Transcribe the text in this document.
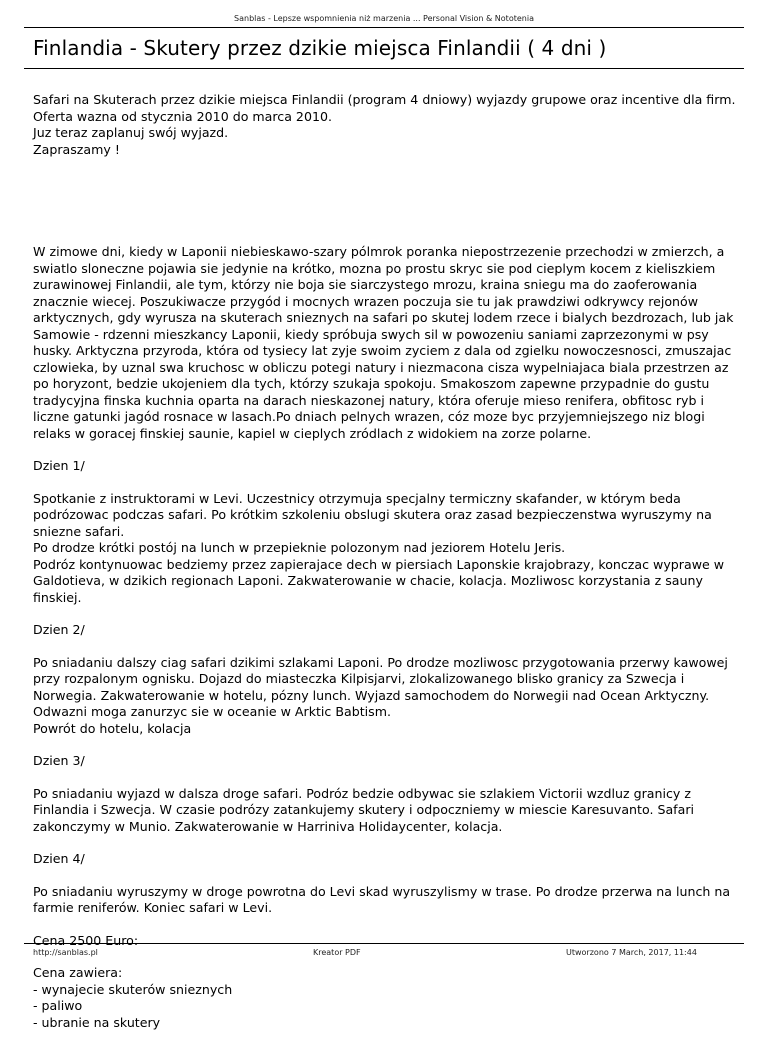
Sanblas - Lepsze wspomnienia niż marzenia ... Personal Vision & Nototenia
Finlandia - Skutery przez dzikie miejsca Finlandii ( 4 dni )

Safari na Skuterach przez dzikie miejsca Finlandii (program 4 dniowy) wyjazdy grupowe oraz incentive dla firm.
Oferta wazna od stycznia 2010 do marca 2010.
Juz teraz zaplanuj swój wyjazd.
Zapraszamy !

W zimowe dni, kiedy w Laponii niebieskawo-szary pólmrok poranka niepostrzezenie przechodzi w zmierzch, a swiatlo sloneczne pojawia sie jedynie na krótko, mozna po prostu skryc sie pod cieplym kocem z kieliszkiem zurawinowej Finlandii, ale tym, którzy nie boja sie siarczystego mrozu, kraina sniegu ma do zaoferowania znacznie wiecej. Poszukiwacze przygód i mocnych wrazen poczuja sie tu jak prawdziwi odkrywcy rejonów arktycznych, gdy wyrusza na skuterach snieznych na safari po skutej lodem rzece i bialych bezdrozach, lub jak Samowie - rdzenni mieszkancy Laponii, kiedy spróbuja swych sil w powozeniu saniami zaprzezonymi w psy husky. Arktyczna przyroda, która od tysiecy lat zyje swoim zyciem z dala od zgielku nowoczesnosci, zmuszajac czlowieka, by uznal swa kruchosc w obliczu potegi natury i niezmacona cisza wypelniajaca biala przestrzen az po horyzont, bedzie ukojeniem dla tych, którzy szukaja spokoju. Smakoszom zapewne przypadnie do gustu tradycyjna finska kuchnia oparta na darach nieskazonej natury, która oferuje mieso renifera, obfitosc ryb i liczne gatunki jagód rosnace w lasach.Po dniach pelnych wrazen, cóz moze byc przyjemniejszego niz blogi relaks w goracej finskiej saunie, kapiel w cieplych zródlach z widokiem na zorze polarne.

Dzien 1/

Spotkanie z instruktorami w Levi. Uczestnicy otrzymuja specjalny termiczny skafander, w którym beda podrózowac podczas safari. Po krótkim szkoleniu obslugi skutera oraz zasad bezpieczenstwa wyruszymy na sniezne safari.
Po drodze krótki postój na lunch w przepieknie polozonym nad jeziorem Hotelu Jeris.
Podróz kontynuowac bedziemy przez zapierajace dech w piersiach Laponskie krajobrazy, konczac wyprawe w Galdotieva, w dzikich regionach Laponi. Zakwaterowanie w chacie, kolacja. Mozliwosc korzystania z sauny finskiej.

Dzien 2/

Po sniadaniu dalszy ciag safari dzikimi szlakami Laponi. Po drodze mozliwosc przygotowania przerwy kawowej przy rozpalonym ognisku. Dojazd do miasteczka Kilpisjarvi, zlokalizowanego blisko granicy za Szwecja i Norwegia. Zakwaterowanie w hotelu, pózny lunch. Wyjazd samochodem do Norwegii nad Ocean Arktyczny. Odwazni moga zanurzyc sie w oceanie w Arktic Babtism.
Powrót do hotelu, kolacja

Dzien 3/

Po sniadaniu wyjazd w dalsza droge safari. Podróz bedzie odbywac sie szlakiem Victorii wzdluz granicy z Finlandia i Szwecja. W czasie podrózy zatankujemy skutery i odpoczniemy w miescie Karesuvanto. Safari zakonczymy w Munio. Zakwaterowanie w Harriniva Holidaycenter, kolacja.

Dzien 4/

Po sniadaniu wyruszymy w droge powrotna do Levi skad wyruszylismy w trase. Po drodze przerwa na lunch na farmie reniferów. Koniec safari w Levi.

Cena 2500 Euro:

Cena zawiera:
- wynajecie skuterów snieznych
- paliwo
- ubranie na skutery

http://sanblas.pl	Kreator PDF	Utworzono 7 March, 2017, 11:44
